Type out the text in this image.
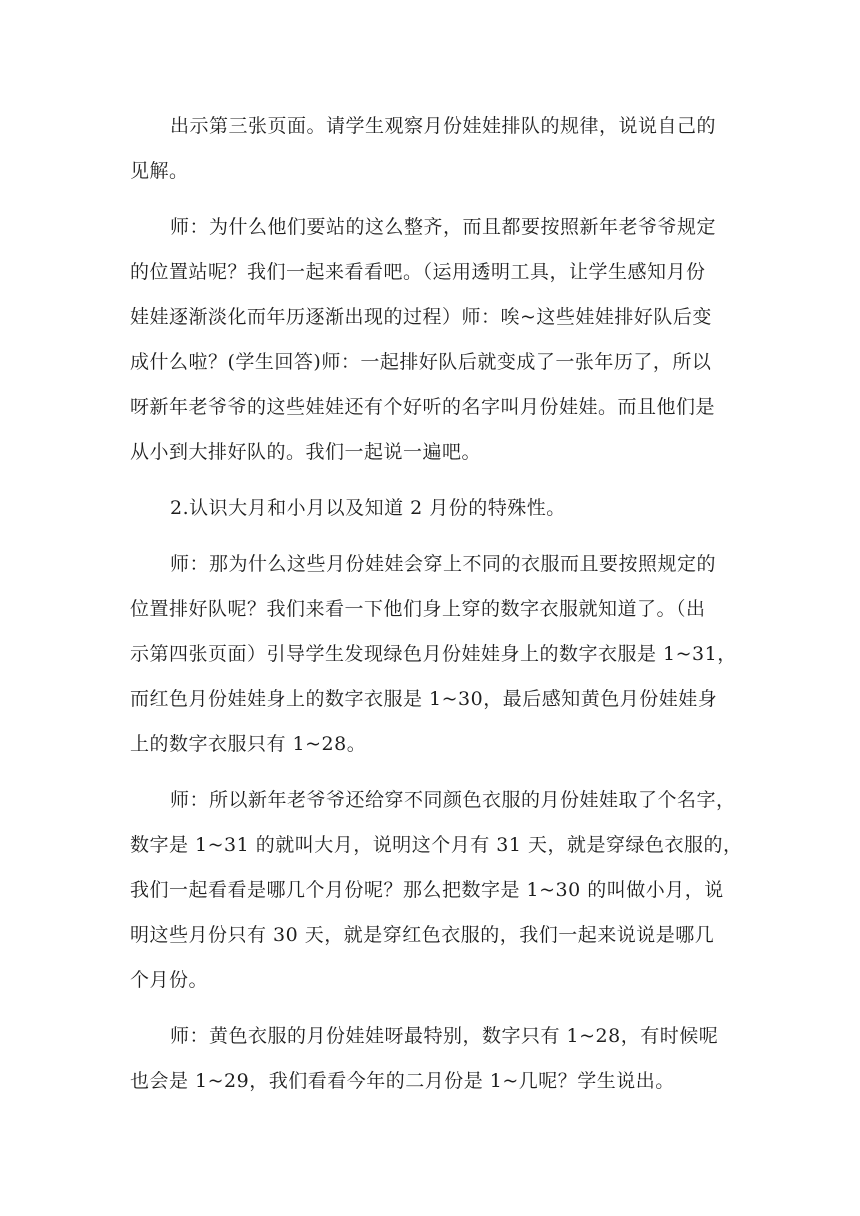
出示第三张页面。请学生观察月份娃娃排队的规律，说说自己的
见解。
师：为什么他们要站的这么整齐，而且都要按照新年老爷爷规定
的位置站呢？我们一起来看看吧。（运用透明工具，让学生感知月份
娃娃逐渐淡化而年历逐渐出现的过程）师：唉~这些娃娃排好队后变
成什么啦？(学生回答)师：一起排好队后就变成了一张年历了，所以
呀新年老爷爷的这些娃娃还有个好听的名字叫月份娃娃。而且他们是
从小到大排好队的。我们一起说一遍吧。
2.认识大月和小月以及知道 2 月份的特殊性。
师：那为什么这些月份娃娃会穿上不同的衣服而且要按照规定的
位置排好队呢？我们来看一下他们身上穿的数字衣服就知道了。（出
示第四张页面）引导学生发现绿色月份娃娃身上的数字衣服是 1~31，
而红色月份娃娃身上的数字衣服是 1~30，最后感知黄色月份娃娃身
上的数字衣服只有 1~28。
师：所以新年老爷爷还给穿不同颜色衣服的月份娃娃取了个名字，
数字是 1~31 的就叫大月，说明这个月有 31 天，就是穿绿色衣服的，
我们一起看看是哪几个月份呢？那么把数字是 1~30 的叫做小月，说
明这些月份只有 30 天，就是穿红色衣服的，我们一起来说说是哪几
个月份。
师：黄色衣服的月份娃娃呀最特别，数字只有 1~28，有时候呢
也会是 1~29，我们看看今年的二月份是 1~几呢？学生说出。
